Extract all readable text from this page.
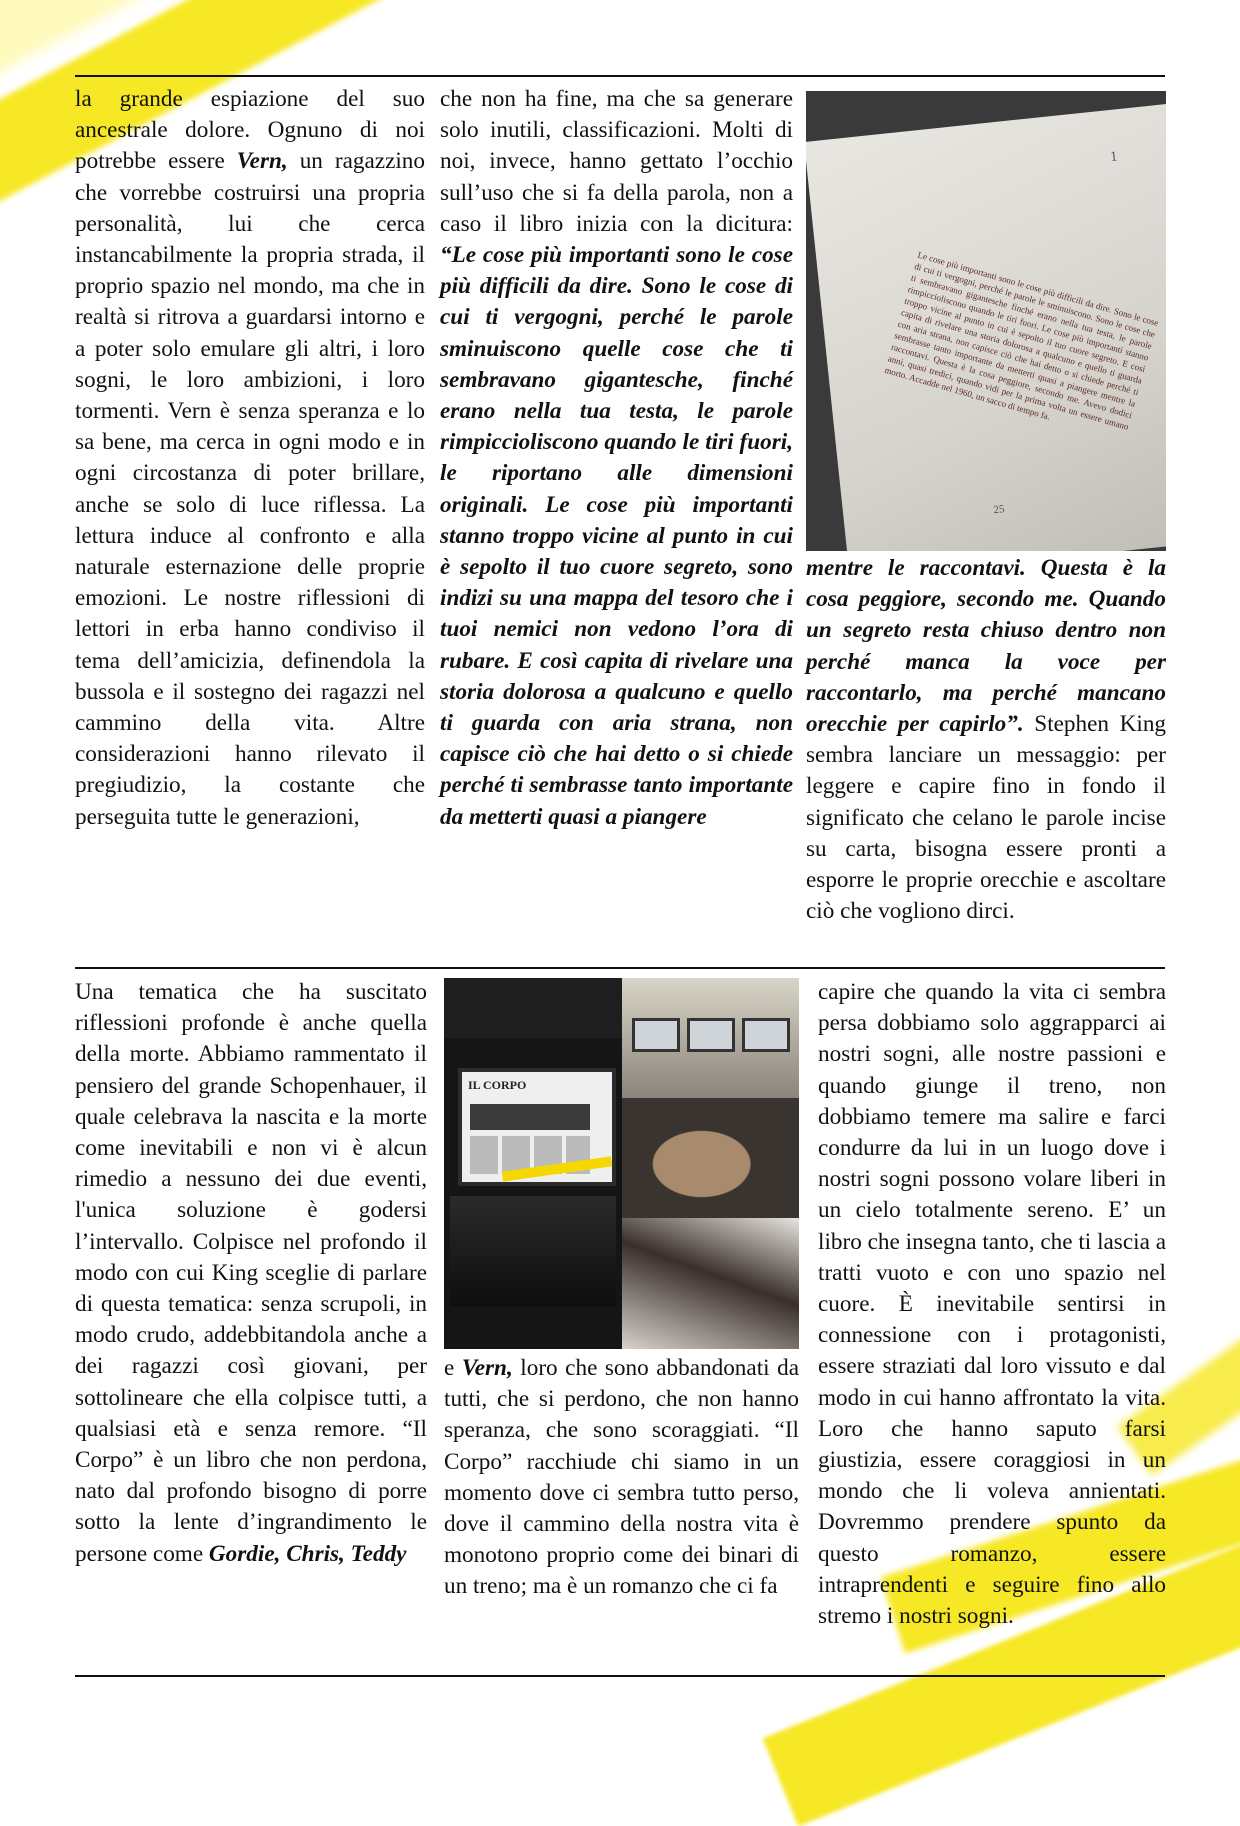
la grande espiazione del suo ancestrale dolore. Ognuno di noi potrebbe essere Vern, un ragazzino che vorrebbe costruirsi una propria personalità, lui che cerca instancabilmente la propria strada, il proprio spazio nel mondo, ma che in realtà si ritrova a guardarsi intorno e a poter solo emulare gli altri, i loro sogni, le loro ambizioni, i loro tormenti. Vern è senza speranza e lo sa bene, ma cerca in ogni modo e in ogni circostanza di poter brillare, anche se solo di luce riflessa. La lettura induce al confronto e alla naturale esternazione delle proprie emozioni. Le nostre riflessioni di lettori in erba hanno condiviso il tema dell’amicizia, definendola la bussola e il sostegno dei ragazzi nel cammino della vita. Altre considerazioni hanno rilevato il pregiudizio, la costante che perseguita tutte le generazioni,

che non ha fine, ma che sa generare solo inutili, classificazioni. Molti di noi, invece, hanno gettato l’occhio sull’uso che si fa della parola, non a caso il libro inizia con la dicitura: “Le cose più importanti sono le cose più difficili da dire. Sono le cose di cui ti vergogni, perché le parole sminuiscono quelle cose che ti sembravano gigantesche, finché erano nella tua testa, le parole rimpiccioliscono quando le tiri fuori, le riportano alle dimensioni originali. Le cose più importanti stanno troppo vicine al punto in cui è sepolto il tuo cuore segreto, sono indizi su una mappa del tesoro che i tuoi nemici non vedono l’ora di rubare. E così capita di rivelare una storia dolorosa a qualcuno e quello ti guarda con aria strana, non capisce ciò che hai detto o si chiede perché ti sembrasse tanto importante da metterti quasi a piangere

1
Le cose più importanti sono le cose più difficili da dire. Sono le cose di cui ti vergogni, perché le parole le sminuiscono. Sono le cose che ti sembravano gigantesche finché erano nella tua testa, le parole rimpiccioliscono quando le tiri fuori. Le cose più importanti stanno troppo vicine al punto in cui è sepolto il tuo cuore segreto. E così capita di rivelare una storia dolorosa a qualcuno e quello ti guarda con aria strana, non capisce ciò che hai detto o si chiede perché ti sembrasse tanto importante da metterti quasi a piangere mentre la raccontavi. Questa è la cosa peggiore, secondo me. Avevo dodici anni, quasi tredici, quando vidi per la prima volta un essere umano morto. Accadde nel 1960, un sacco di tempo fa.
25

mentre le raccontavi. Questa è la cosa peggiore, secondo me. Quando un segreto resta chiuso dentro non perché manca la voce per raccontarlo, ma perché mancano orecchie per capirlo”. Stephen King sembra lanciare un messaggio: per leggere e capire fino in fondo il significato che celano le parole incise su carta, bisogna essere pronti a esporre le proprie orecchie e ascoltare ciò che vogliono dirci.

Una tematica che ha suscitato riflessioni profonde è anche quella della morte. Abbiamo rammentato il pensiero del grande Schopenhauer, il quale celebrava la nascita e la morte come inevitabili e non vi è alcun rimedio a nessuno dei due eventi, l'unica soluzione è godersi l’intervallo. Colpisce nel profondo il modo con cui King sceglie di parlare di questa tematica: senza scrupoli, in modo crudo, addebbitandola anche a dei ragazzi così giovani, per sottolineare che ella colpisce tutti, a qualsiasi età e senza remore. “Il Corpo” è un libro che non perdona, nato dal profondo bisogno di porre sotto la lente d’ingrandimento le persone come Gordie, Chris, Teddy

IL CORPO

e Vern, loro che sono abbandonati da tutti, che si perdono, che non hanno speranza, che sono scoraggiati. “Il Corpo” racchiude chi siamo in un momento dove ci sembra tutto perso, dove il cammino della nostra vita è monotono proprio come dei binari di un treno; ma è un romanzo che ci fa

capire che quando la vita ci sembra persa dobbiamo solo aggrapparci ai nostri sogni, alle nostre passioni e quando giunge il treno, non dobbiamo temere ma salire e farci condurre da lui in un luogo dove i nostri sogni possono volare liberi in un cielo totalmente sereno. E’ un libro che insegna tanto, che ti lascia a tratti vuoto e con uno spazio nel cuore. È inevitabile sentirsi in connessione con i protagonisti, essere straziati dal loro vissuto e dal modo in cui hanno affrontato la vita. Loro che hanno saputo farsi giustizia, essere coraggiosi in un mondo che li voleva annientati. Dovremmo prendere spunto da questo romanzo, essere intraprendenti e seguire fino allo stremo i nostri sogni.
